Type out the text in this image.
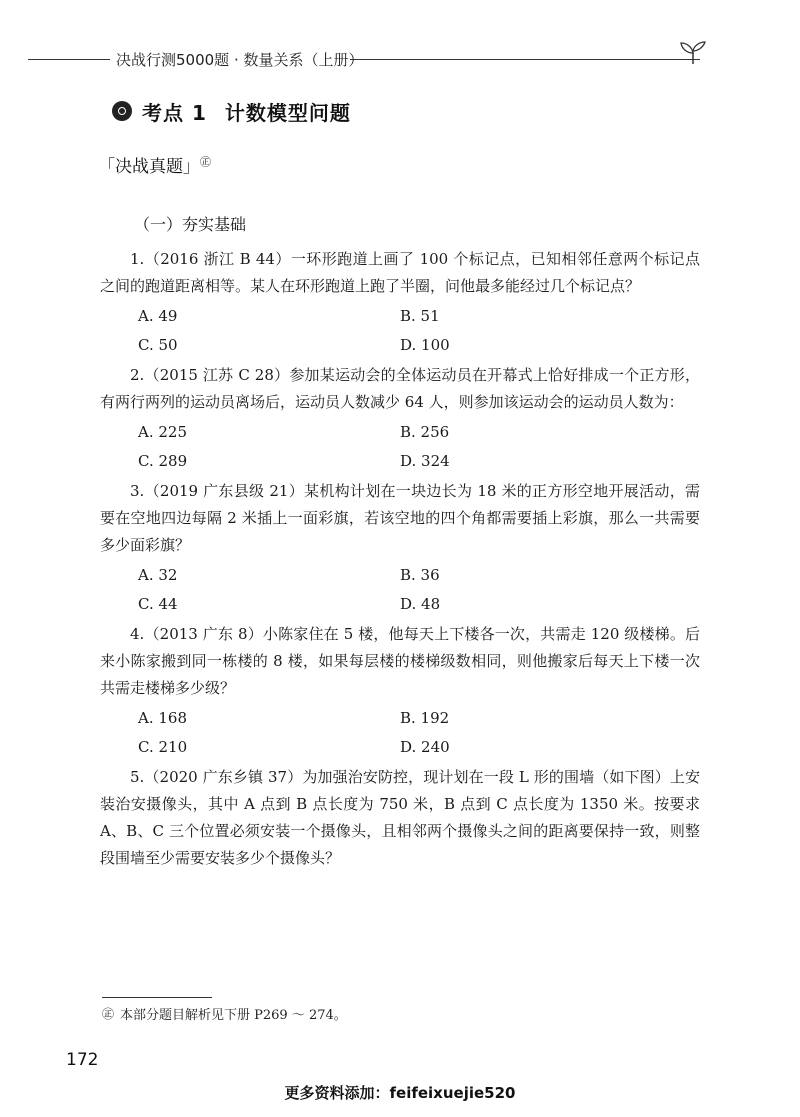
决战行测5000题 · 数量关系（上册）
考点 1 计数模型问题
「决战真题」㊣
（一）夯实基础
1.（2016 浙江 B 44）一环形跑道上画了 100 个标记点，已知相邻任意两个标记点之间的跑道距离相等。某人在环形跑道上跑了半圈，问他最多能经过几个标记点？
A. 49	B. 51
C. 50	D. 100
2.（2015 江苏 C 28）参加某运动会的全体运动员在开幕式上恰好排成一个正方形，有两行两列的运动员离场后，运动员人数减少 64 人，则参加该运动会的运动员人数为：
A. 225	B. 256
C. 289	D. 324
3.（2019 广东县级 21）某机构计划在一块边长为 18 米的正方形空地开展活动，需要在空地四边每隔 2 米插上一面彩旗，若该空地的四个角都需要插上彩旗，那么一共需要多少面彩旗？
A. 32	B. 36
C. 44	D. 48
4.（2013 广东 8）小陈家住在 5 楼，他每天上下楼各一次，共需走 120 级楼梯。后来小陈家搬到同一栋楼的 8 楼，如果每层楼的楼梯级数相同，则他搬家后每天上下楼一次共需走楼梯多少级？
A. 168	B. 192
C. 210	D. 240
5.（2020 广东乡镇 37）为加强治安防控，现计划在一段 L 形的围墙（如下图）上安装治安摄像头，其中 A 点到 B 点长度为 750 米，B 点到 C 点长度为 1350 米。按要求 A、B、C 三个位置必须安装一个摄像头，且相邻两个摄像头之间的距离要保持一致，则整段围墙至少需要安装多少个摄像头？
㊣ 本部分题目解析见下册 P269 ～ 274。
172
更多资料添加：feifeixuejie520
